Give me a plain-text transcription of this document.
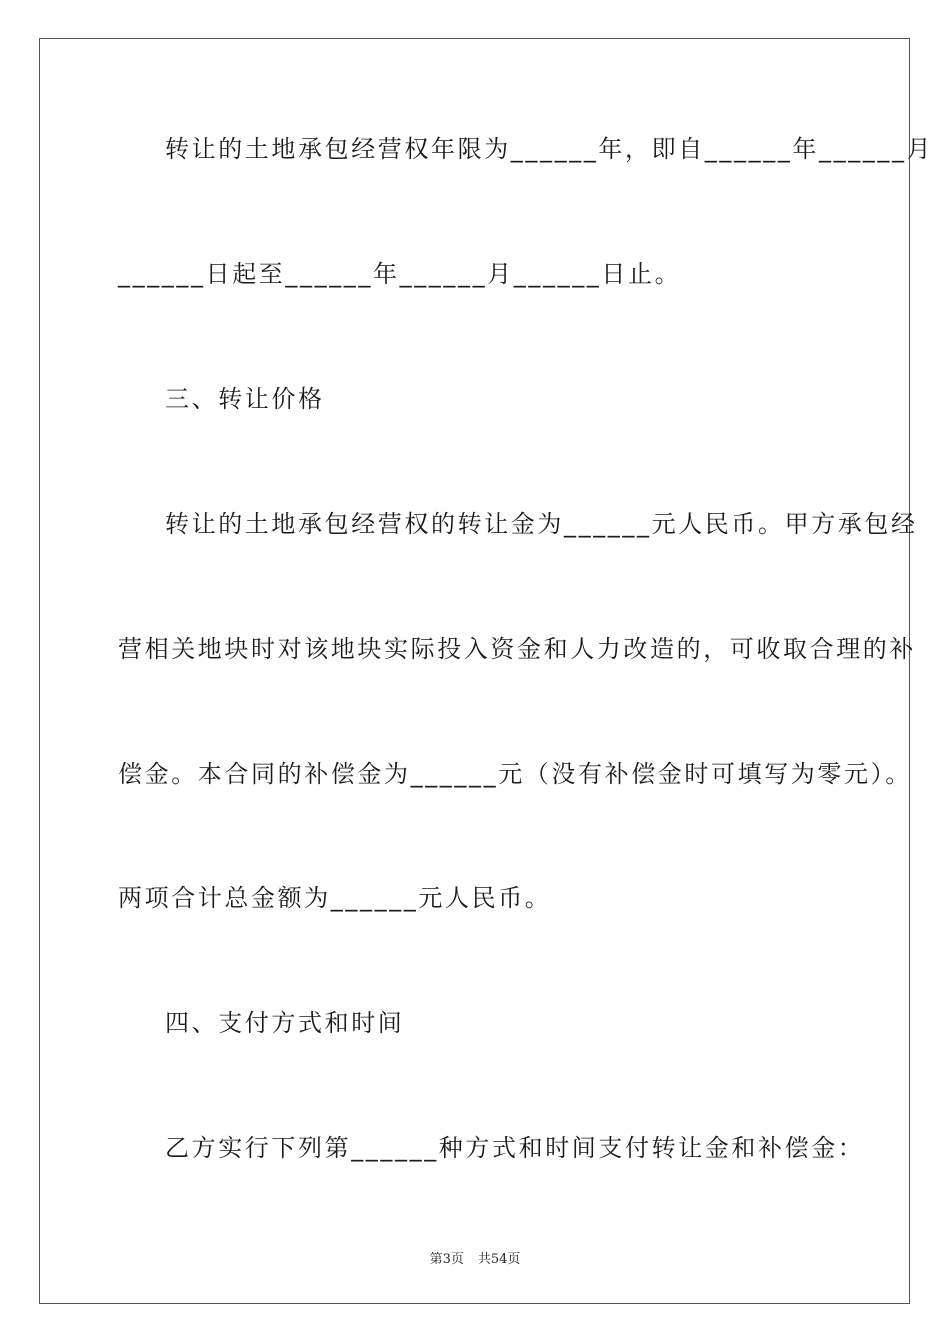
转让的土地承包经营权年限为______年，即自______年______月
______日起至______年______月______日止。
三、转让价格
转让的土地承包经营权的转让金为______元人民币。甲方承包经
营相关地块时对该地块实际投入资金和人力改造的，可收取合理的补
偿金。本合同的补偿金为______元（没有补偿金时可填写为零元）。
两项合计总金额为______元人民币。
四、支付方式和时间
乙方实行下列第______种方式和时间支付转让金和补偿金：
第3页 共54页
